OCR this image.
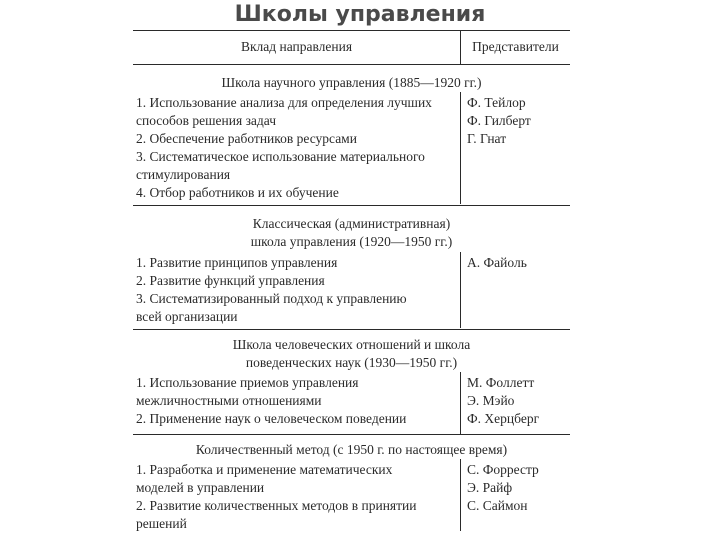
Школы управления
Вклад направления	Представители
Школа научного управления (1885—1920 гг.)
1. Использование анализа для определения лучших
способов решения задач
2. Обеспечение работников ресурсами
3. Систематическое использование материального
стимулирования
4. Отбор работников и их обучение
Ф. Тейлор
Ф. Гилберт
Г. Гнат
Классическая (административная)
школа управления (1920—1950 гг.)
1. Развитие принципов управления
2. Развитие функций управления
3. Систематизированный подход к управлению
всей организации
А. Файоль
Школа человеческих отношений и школа
поведенческих наук (1930—1950 гг.)
1. Использование приемов управления
межличностными отношениями
2. Применение наук о человеческом поведении
М. Фоллетт
Э. Мэйо
Ф. Херцберг
Количественный метод (с 1950 г. по настоящее время)
1. Разработка и применение математических
моделей в управлении
2. Развитие количественных методов в принятии
решений
С. Форрестр
Э. Райф
С. Саймон
